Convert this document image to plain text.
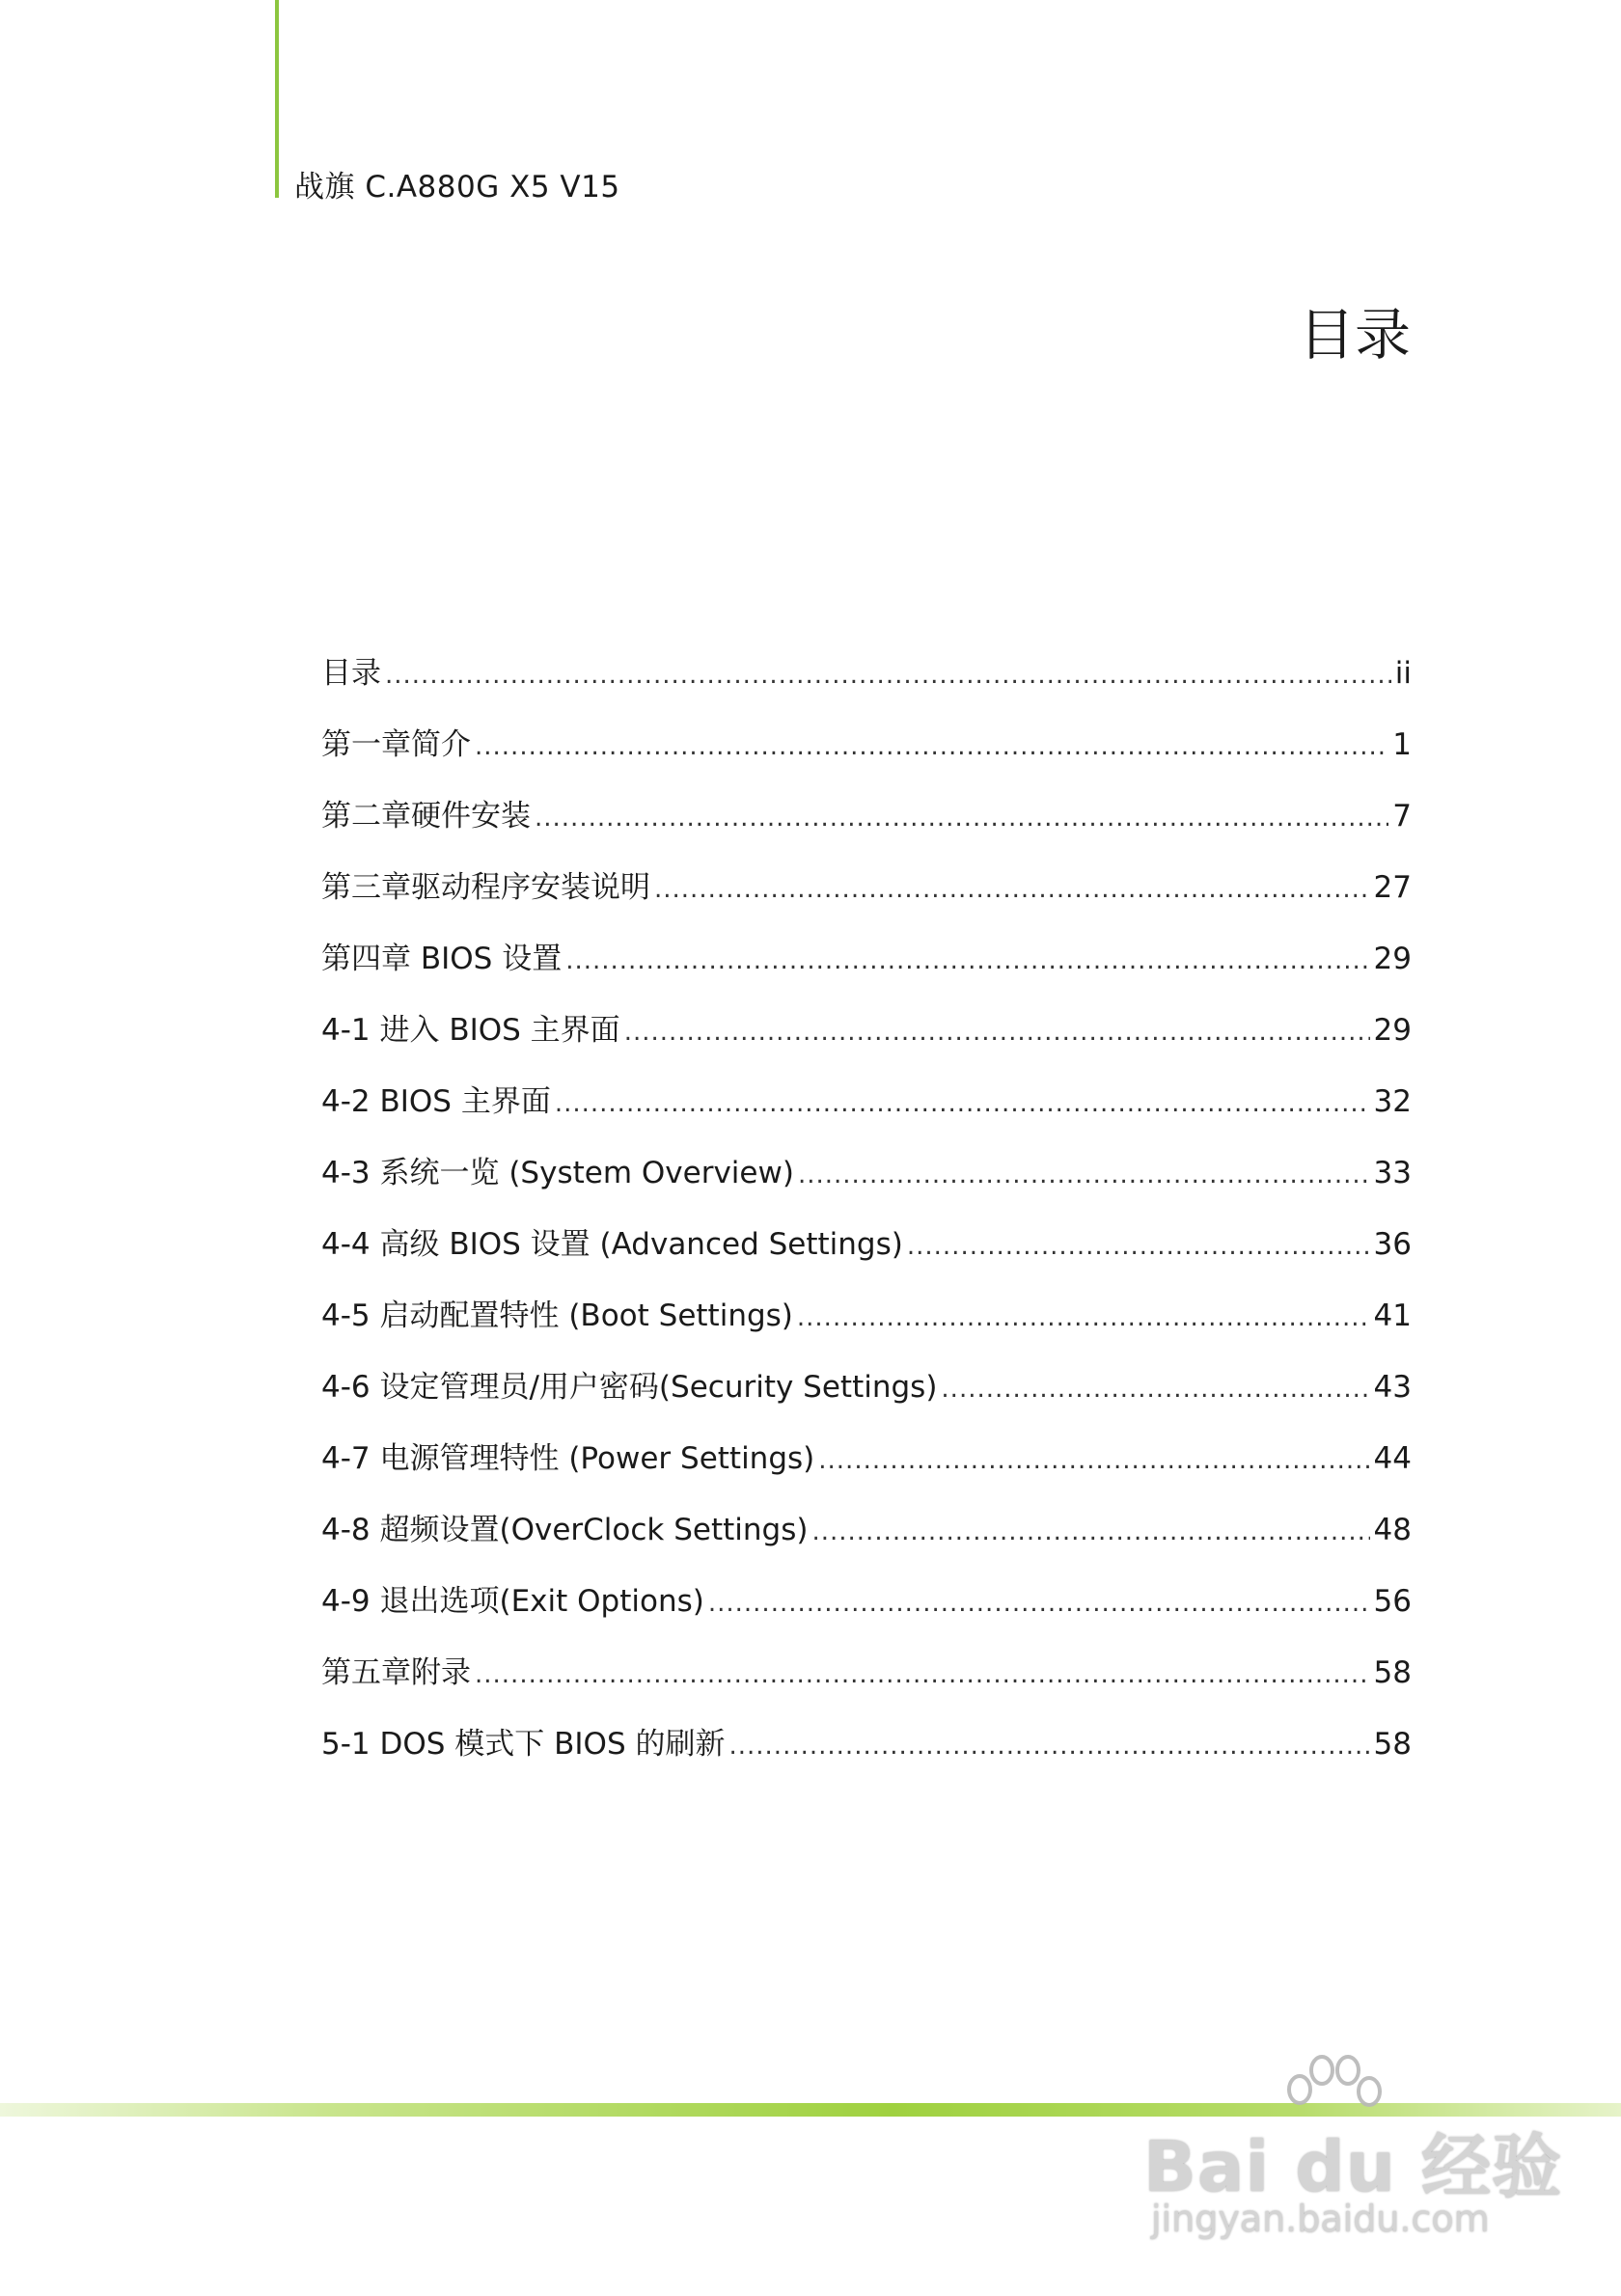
战旗 C.A880G X5 V15
目录
目录 .....	ii
第一章简介 .....	1
第二章硬件安装 .....	7
第三章驱动程序安装说明 .....	27
第四章 BIOS 设置 .....	29
4-1 进入 BIOS 主界面 .....	29
4-2 BIOS 主界面 .....	32
4-3 系统一览 (System Overview) .....	33
4-4 高级 BIOS 设置 (Advanced Settings) .....	36
4-5 启动配置特性 (Boot Settings) .....	41
4-6 设定管理员/用户密码(Security Settings) .....	43
4-7 电源管理特性 (Power Settings) .....	44
4-8 超频设置(OverClock Settings) .....	48
4-9 退出选项(Exit Options) .....	56
第五章附录 .....	58
5-1 DOS 模式下 BIOS 的刷新 .....	58
Bai du 经验
jingyan.baidu.com
